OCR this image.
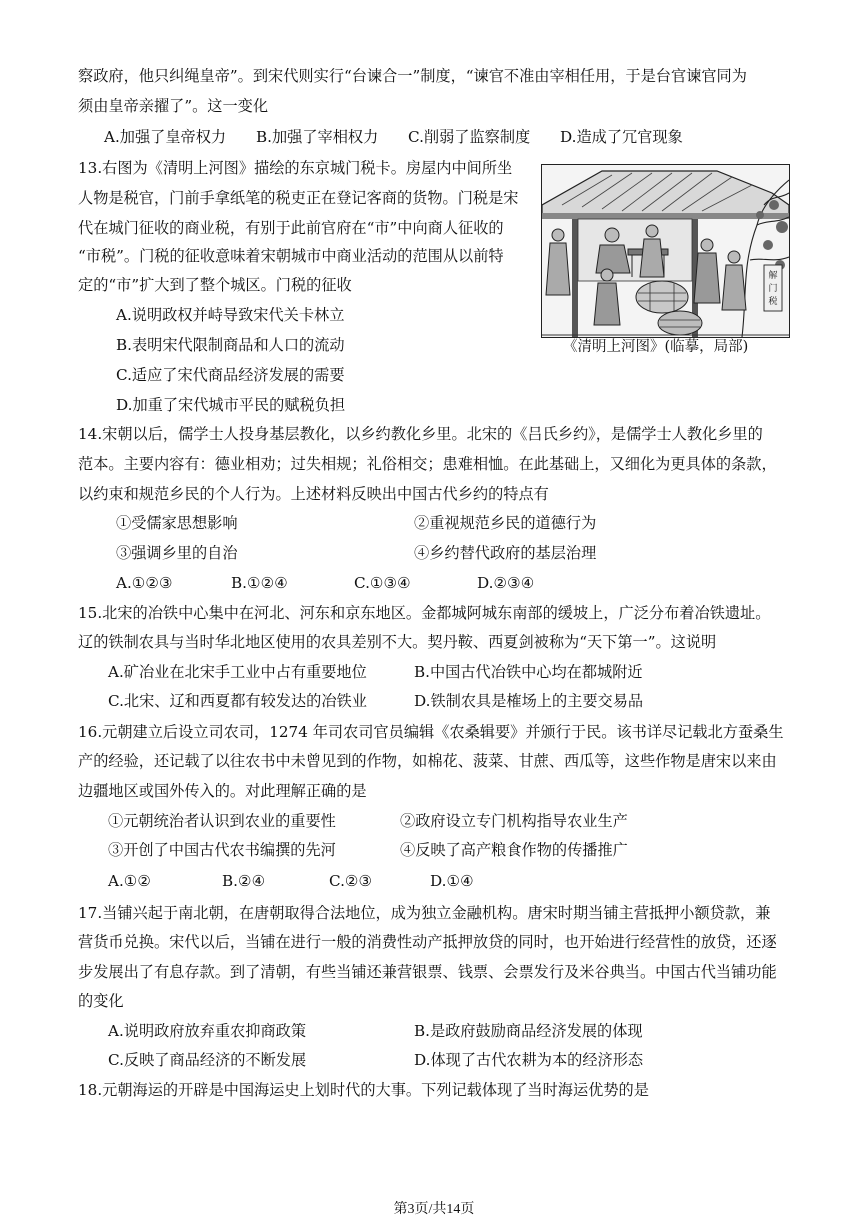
察政府，他只纠绳皇帝”。到宋代则实行“台谏合一”制度，“谏官不准由宰相任用，于是台官谏官同为
须由皇帝亲擢了”。这一变化
A.加强了皇帝权力 B.加强了宰相权力 C.削弱了监察制度 D.造成了冗官现象
13.右图为《清明上河图》描绘的东京城门税卡。房屋内中间所坐
人物是税官，门前手拿纸笔的税吏正在登记客商的货物。门税是宋
代在城门征收的商业税，有别于此前官府在“市”中向商人征收的
“市税”。门税的征收意味着宋朝城市中商业活动的范围从以前特
定的“市”扩大到了整个城区。门税的征收
A.说明政权并峙导致宋代关卡林立
B.表明宋代限制商品和人口的流动
C.适应了宋代商品经济发展的需要
D.加重了宋代城市平民的赋税负担
解
门
税
《清明上河图》(临摹，局部)
14.宋朝以后，儒学士人投身基层教化，以乡约教化乡里。北宋的《吕氏乡约》，是儒学士人教化乡里的
范本。主要内容有：德业相劝；过失相规；礼俗相交；患难相恤。在此基础上，又细化为更具体的条款，
以约束和规范乡民的个人行为。上述材料反映出中国古代乡约的特点有
①受儒家思想影响	②重视规范乡民的道德行为
③强调乡里的自治	④乡约替代政府的基层治理
A.①②③	B.①②④	C.①③④	D.②③④
15.北宋的冶铁中心集中在河北、河东和京东地区。金都城阿城东南部的缓坡上，广泛分布着冶铁遗址。
辽的铁制农具与当时华北地区使用的农具差别不大。契丹鞍、西夏剑被称为“天下第一”。这说明
A.矿冶业在北宋手工业中占有重要地位	B.中国古代冶铁中心均在都城附近
C.北宋、辽和西夏都有较发达的冶铁业	D.铁制农具是榷场上的主要交易品
16.元朝建立后设立司农司，1274 年司农司官员编辑《农桑辑要》并颁行于民。该书详尽记载北方蚕桑生
产的经验，还记载了以往农书中未曾见到的作物，如棉花、菠菜、甘蔗、西瓜等，这些作物是唐宋以来由
边疆地区或国外传入的。对此理解正确的是
①元朝统治者认识到农业的重要性	②政府设立专门机构指导农业生产
③开创了中国古代农书编撰的先河	④反映了高产粮食作物的传播推广
A.①②	B.②④	C.②③	D.①④
17.当铺兴起于南北朝，在唐朝取得合法地位，成为独立金融机构。唐宋时期当铺主营抵押小额贷款，兼
营货币兑换。宋代以后，当铺在进行一般的消费性动产抵押放贷的同时，也开始进行经营性的放贷，还逐
步发展出了有息存款。到了清朝，有些当铺还兼营银票、钱票、会票发行及米谷典当。中国古代当铺功能
的变化
A.说明政府放弃重农抑商政策	B.是政府鼓励商品经济发展的体现
C.反映了商品经济的不断发展	D.体现了古代农耕为本的经济形态
18.元朝海运的开辟是中国海运史上划时代的大事。下列记载体现了当时海运优势的是
第3页/共14页
